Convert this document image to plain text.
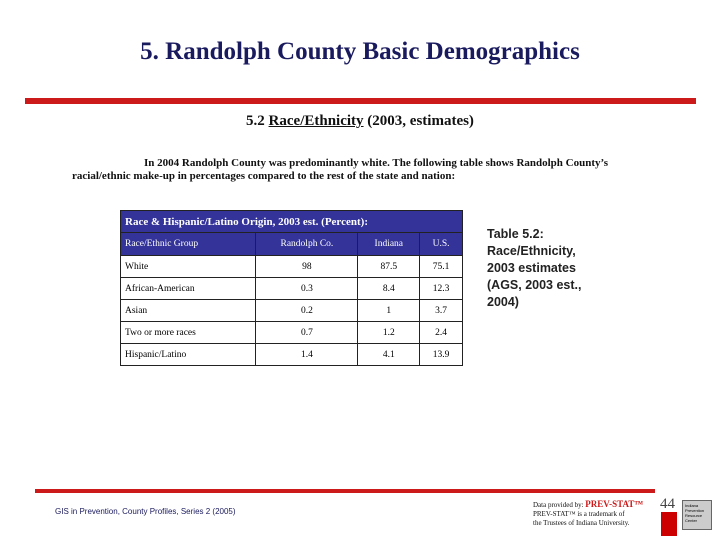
5. Randolph County Basic Demographics
5.2 Race/Ethnicity (2003, estimates)
In 2004 Randolph County was predominantly white. The following table shows Randolph County’s
racial/ethnic make-up in percentages compared to the rest of the state and nation:
Race & Hispanic/Latino Origin, 2003 est. (Percent):			
Race/Ethnic Group	Randolph Co.	Indiana	U.S.
White	98	87.5	75.1
African-American	0.3	8.4	12.3
Asian	0.2	1	3.7
Two or more races	0.7	1.2	2.4
Hispanic/Latino	1.4	4.1	13.9
Table 5.2:
Race/Ethnicity,
2003 estimates
(AGS, 2003 est.,
2004)
GIS in Prevention, County Profiles, Series 2 (2005)
Data provided by: PREV-STAT™
PREV-STAT™ is a trademark of
the Trustees of Indiana University.
44	Indiana Prevention Resource Center
